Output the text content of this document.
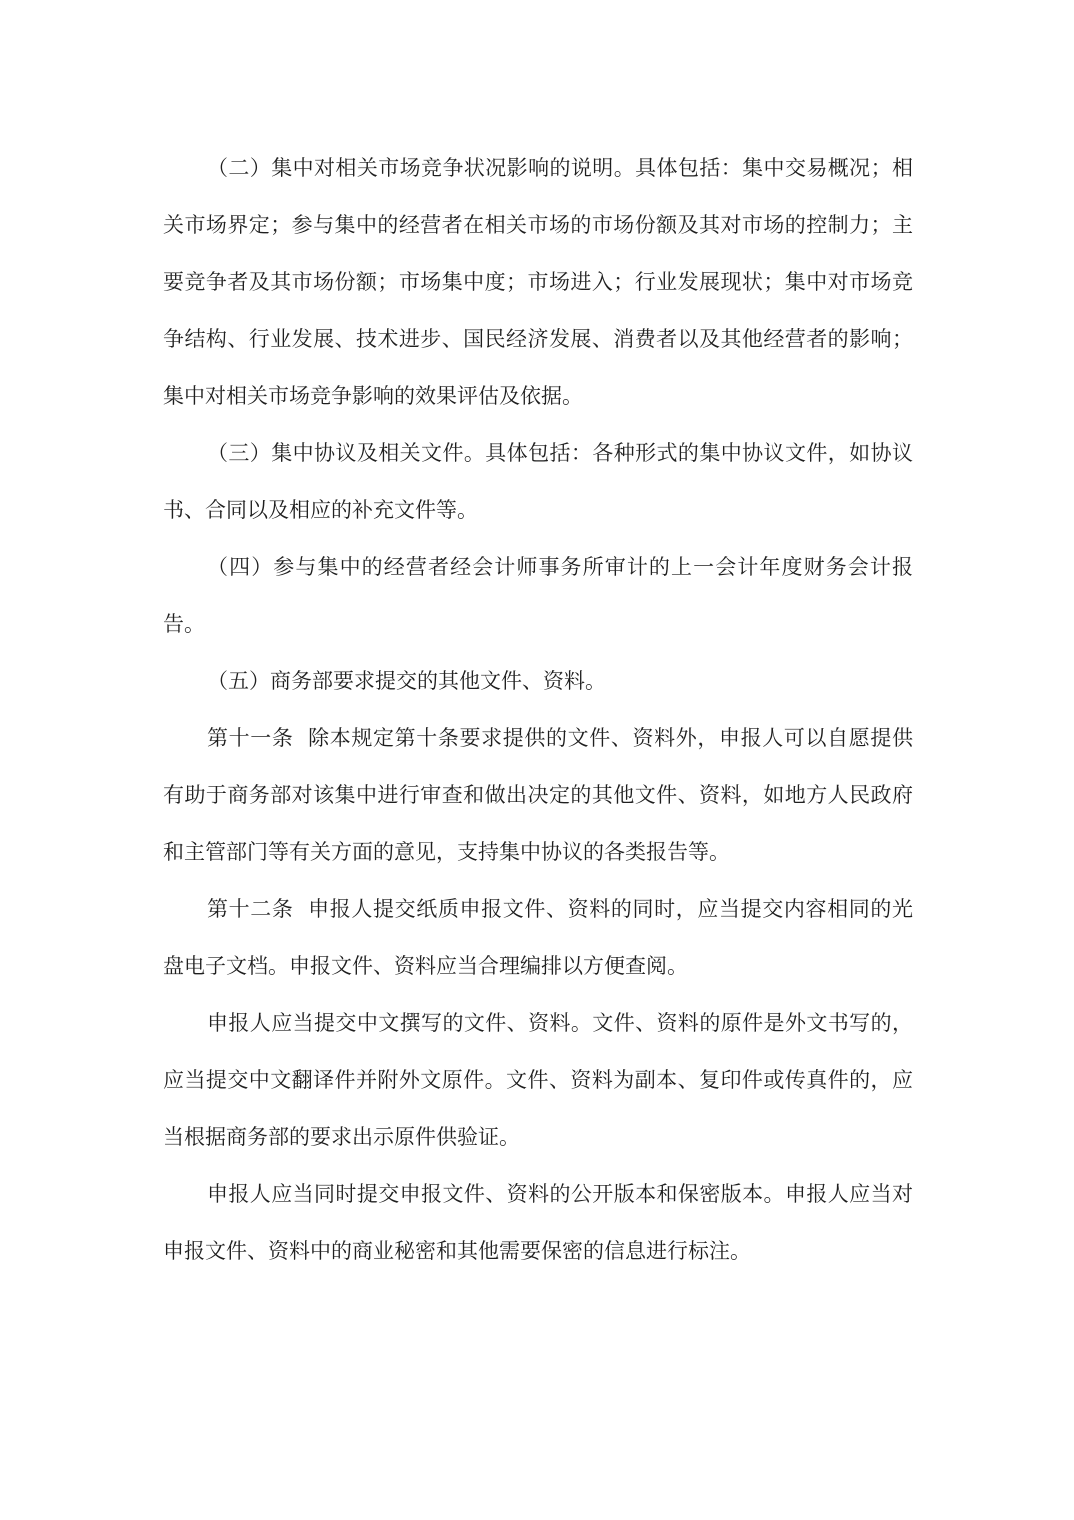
（二）集中对相关市场竞争状况影响的说明。具体包括：集中交易概况；相关市场界定；参与集中的经营者在相关市场的市场份额及其对市场的控制力；主要竞争者及其市场份额；市场集中度；市场进入；行业发展现状；集中对市场竞争结构、行业发展、技术进步、国民经济发展、消费者以及其他经营者的影响；集中对相关市场竞争影响的效果评估及依据。

（三）集中协议及相关文件。具体包括：各种形式的集中协议文件，如协议书、合同以及相应的补充文件等。

（四）参与集中的经营者经会计师事务所审计的上一会计年度财务会计报告。

（五）商务部要求提交的其他文件、资料。

第十一条  除本规定第十条要求提供的文件、资料外，申报人可以自愿提供有助于商务部对该集中进行审查和做出决定的其他文件、资料，如地方人民政府和主管部门等有关方面的意见，支持集中协议的各类报告等。

第十二条  申报人提交纸质申报文件、资料的同时，应当提交内容相同的光盘电子文档。申报文件、资料应当合理编排以方便查阅。

申报人应当提交中文撰写的文件、资料。文件、资料的原件是外文书写的，应当提交中文翻译件并附外文原件。文件、资料为副本、复印件或传真件的，应当根据商务部的要求出示原件供验证。

申报人应当同时提交申报文件、资料的公开版本和保密版本。申报人应当对申报文件、资料中的商业秘密和其他需要保密的信息进行标注。
